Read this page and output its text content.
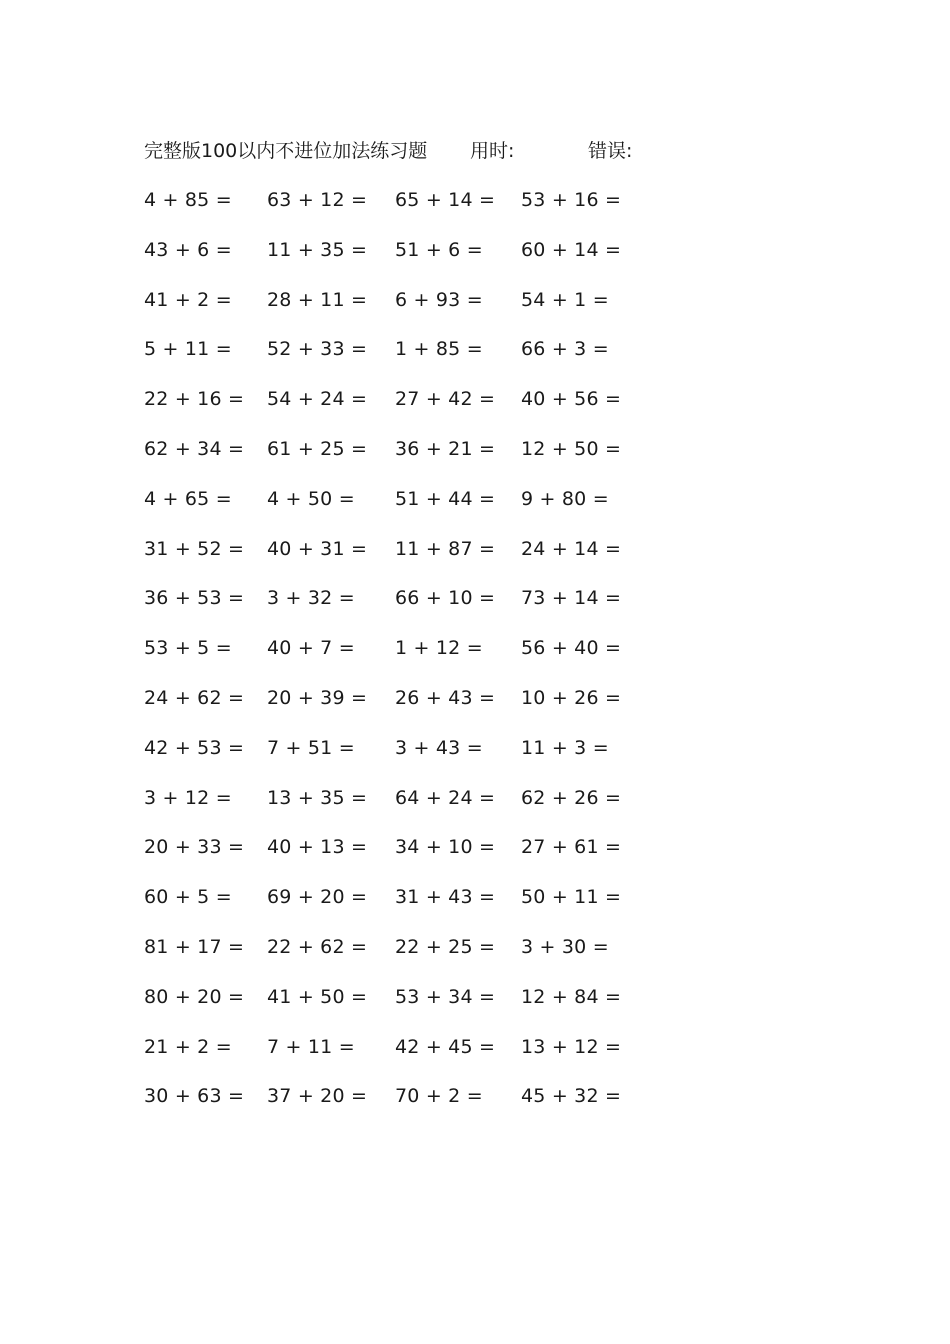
完整版100以内不进位加法练习题 用时:	错误:
4 + 85 =	63 + 12 = 65 + 14 = 53 + 16 =
43 + 6 =	11 + 35 = 51 + 6 =	60 + 14 =
41 + 2 =	28 + 11 = 6 + 93 =	54 + 1 =
5 + 11 =	52 + 33 = 1 + 85 =	66 + 3 =
22 + 16 = 54 + 24 = 27 + 42 = 40 + 56 =
62 + 34 = 61 + 25 = 36 + 21 = 12 + 50 =
4 + 65 =	4 + 50 =	51 + 44 = 9 + 80 =
31 + 52 = 40 + 31 = 11 + 87 = 24 + 14 =
36 + 53 = 3 + 32 =	66 + 10 = 73 + 14 =
53 + 5 =	40 + 7 =	1 + 12 =	56 + 40 =
24 + 62 = 20 + 39 = 26 + 43 = 10 + 26 =
42 + 53 = 7 + 51 =	3 + 43 =	11 + 3 =
3 + 12 =	13 + 35 = 64 + 24 = 62 + 26 =
20 + 33 = 40 + 13 = 34 + 10 = 27 + 61 =
60 + 5 =	69 + 20 = 31 + 43 = 50 + 11 =
81 + 17 = 22 + 62 = 22 + 25 = 3 + 30 =
80 + 20 = 41 + 50 = 53 + 34 = 12 + 84 =
21 + 2 =	7 + 11 =	42 + 45 = 13 + 12 =
30 + 63 = 37 + 20 = 70 + 2 =	45 + 32 =
